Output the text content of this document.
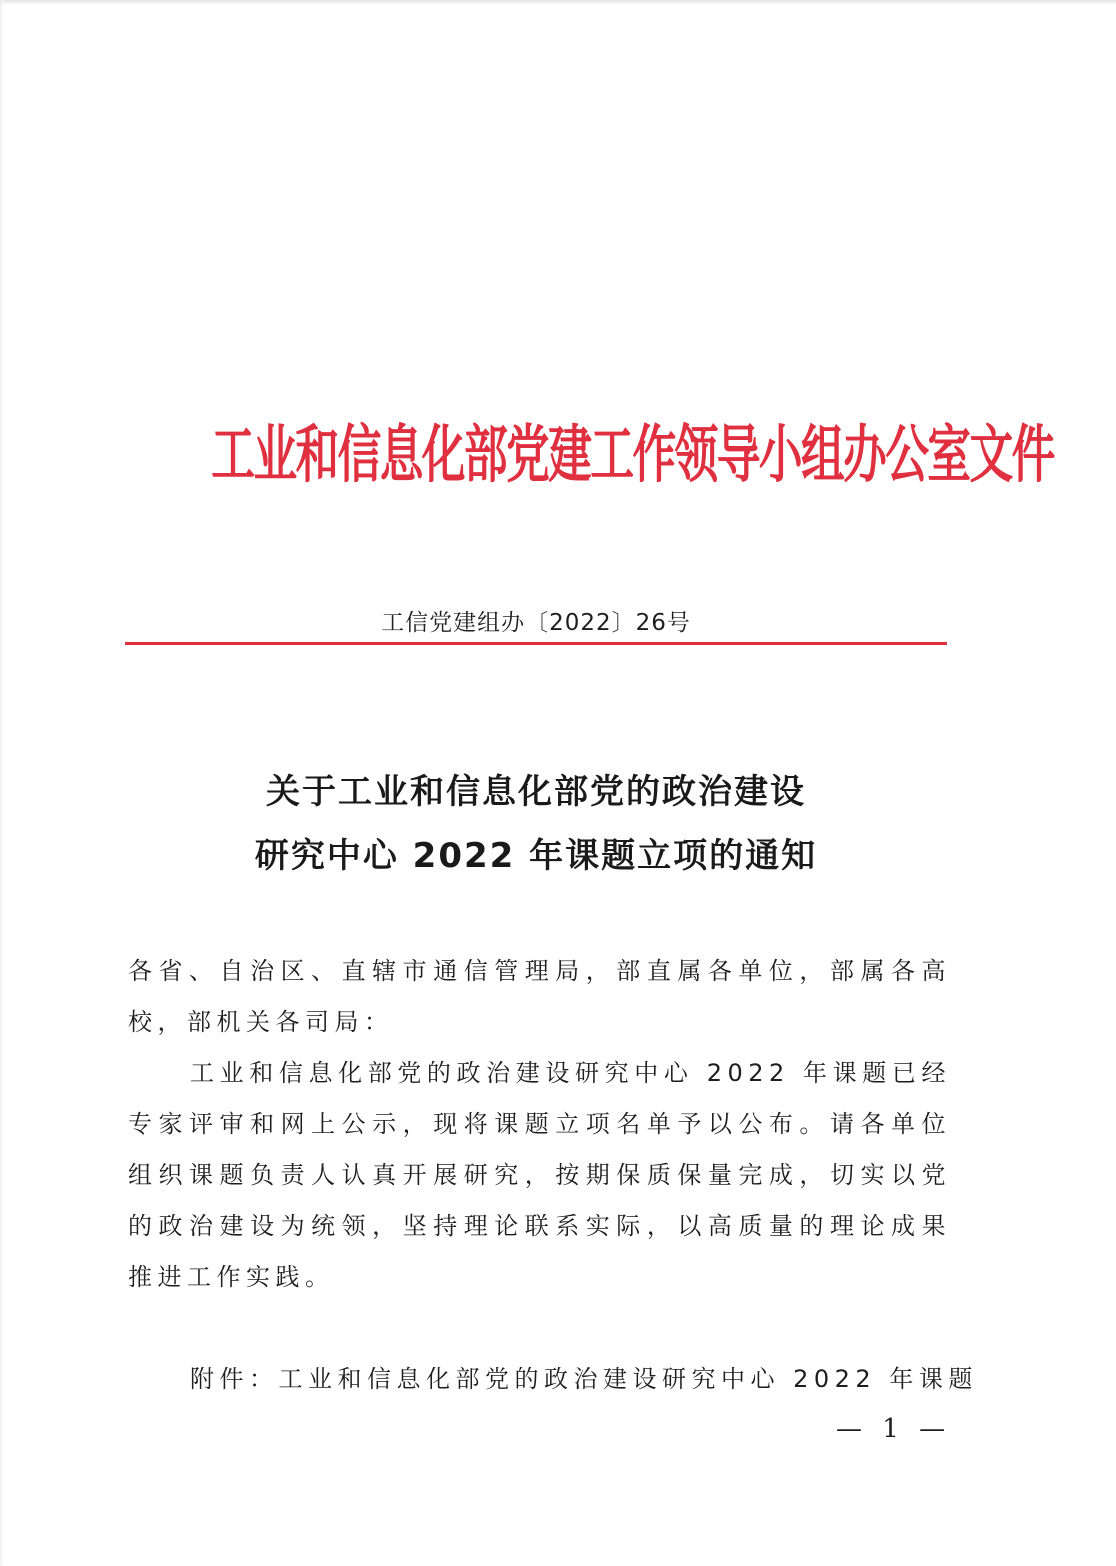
工业和信息化部党建工作领导小组办公室文件
工信党建组办〔2022〕26号
关于工业和信息化部党的政治建设
研究中心 2022 年课题立项的通知
各省、自治区、直辖市通信管理局，部直属各单位，部属各高校，部机关各司局：
工业和信息化部党的政治建设研究中心 2022 年课题已经专家评审和网上公示，现将课题立项名单予以公布。请各单位组织课题负责人认真开展研究，按期保质保量完成，切实以党的政治建设为统领，坚持理论联系实际，以高质量的理论成果推进工作实践。
附件：工业和信息化部党的政治建设研究中心 2022 年课题
— 1 —
